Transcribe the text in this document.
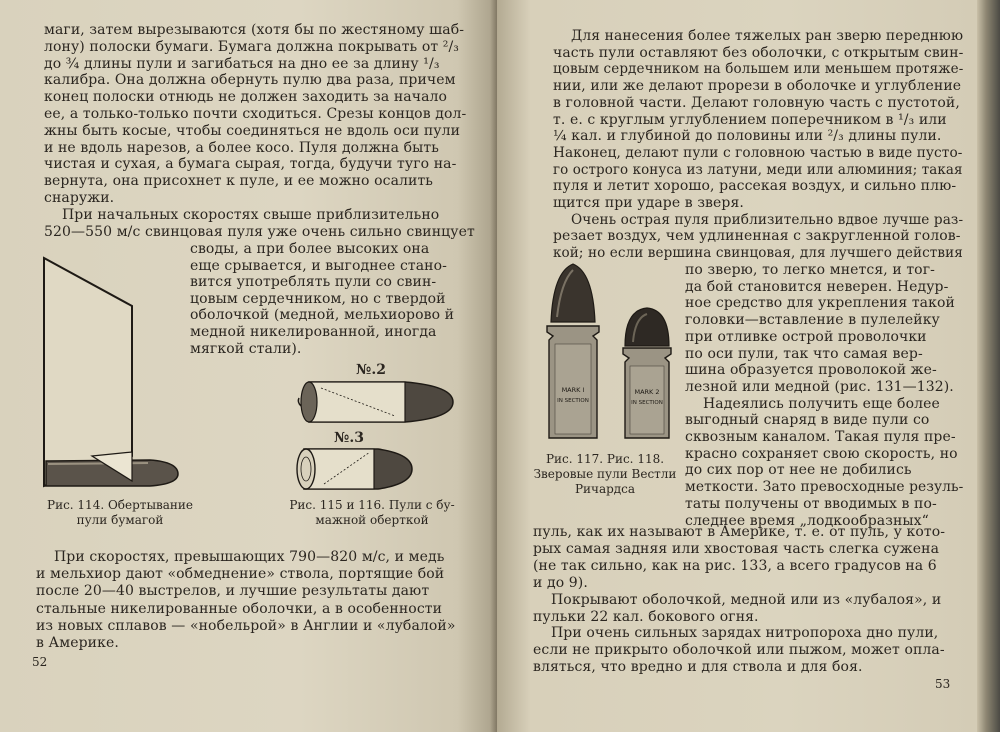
маги, затем вырезываются (хотя бы по жестяному шаб-
лону) полоски бумаги. Бумага должна покрывать от ²/₃
до ¾ длины пули и загибаться на дно ее за длину ¹/₃
калибра. Она должна обернуть пулю два раза, причем
конец полоски отнюдь не должен заходить за начало
ее, а только-только почти сходиться. Срезы концов дол-
жны быть косые, чтобы соединяться не вдоль оси пули
и не вдоль нарезов, а более косо. Пуля должна быть
чистая и сухая, а бумага сырая, тогда, будучи туго на-
вернута, она присохнет к пуле, и ее можно осалить
снаружи.
При начальных скоростях свыше приблизительно
520—550 м/с свинцовая пуля уже очень сильно свинцует
своды, а при более высоких она
еще срывается, и выгоднее стано-
вится употреблять пули со свин-
цовым сердечником, но с твердой
оболочкой (медной, мельхиорово й
медной никелированной, иногда
мягкой стали).
Рис. 114. Обертывание
пули бумагой
№.2
№.3
Рис. 115 и 116. Пули с бу-
мажной оберткой
При скоростях, превышающих 790—820 м/с, и медь
и мельхиор дают «обмеднение» ствола, портящие бой
после 20—40 выстрелов, и лучшие результаты дают
стальные никелированные оболочки, а в особенности
из новых сплавов — «нобельрой» в Англии и «лубалой»
в Америке.
52
Для нанесения более тяжелых ран зверю переднюю
часть пули оставляют без оболочки, с открытым свин-
цовым сердечником на большем или меньшем протяже-
нии, или же делают прорези в оболочке и углубление
в головной части. Делают головную часть с пустотой,
т. е. с круглым углублением поперечником в ¹/₃ или
¼ кал. и глубиной до половины или ²/₃ длины пули.
Наконец, делают пули с головною частью в виде пусто-
го острого конуса из латуни, меди или алюминия; такая
пуля и летит хорошо, рассекая воздух, и сильно плю-
щится при ударе в зверя.
Очень острая пуля приблизительно вдвое лучше раз-
резает воздух, чем удлиненная с закругленной голов-
кой; но если вершина свинцовая, для лучшего действия
MARK I
IN SECTION
MARK 2
IN SECTION
Рис. 117. Рис. 118.
Зверовые пули Вестли
Ричардса
по зверю, то легко мнется, и тог-
да бой становится неверен. Недур-
ное средство для укрепления такой
головки—вставление в пулелейку
при отливке острой проволочки
по оси пули, так что самая вер-
шина образуется проволокой же-
лезной или медной (рис. 131—132).
Надеялись получить еще более
выгодный снаряд в виде пули со
сквозным каналом. Такая пуля пре-
красно сохраняет свою скорость, но
до сих пор от нее не добились
меткости. Зато превосходные резуль-
таты получены от вводимых в по-
следнее время „лодкообразных“
пуль, как их называют в Америке, т. е. от пуль, у кото-
рых самая задняя или хвостовая часть слегка сужена
(не так сильно, как на рис. 133, а всего градусов на 6
и до 9).
Покрывают оболочкой, медной или из «лубалоя», и
пульки 22 кал. бокового огня.
При очень сильных зарядах нитропороха дно пули,
если не прикрыто оболочкой или пыжом, может опла-
вляться, что вредно и для ствола и для боя.
53
